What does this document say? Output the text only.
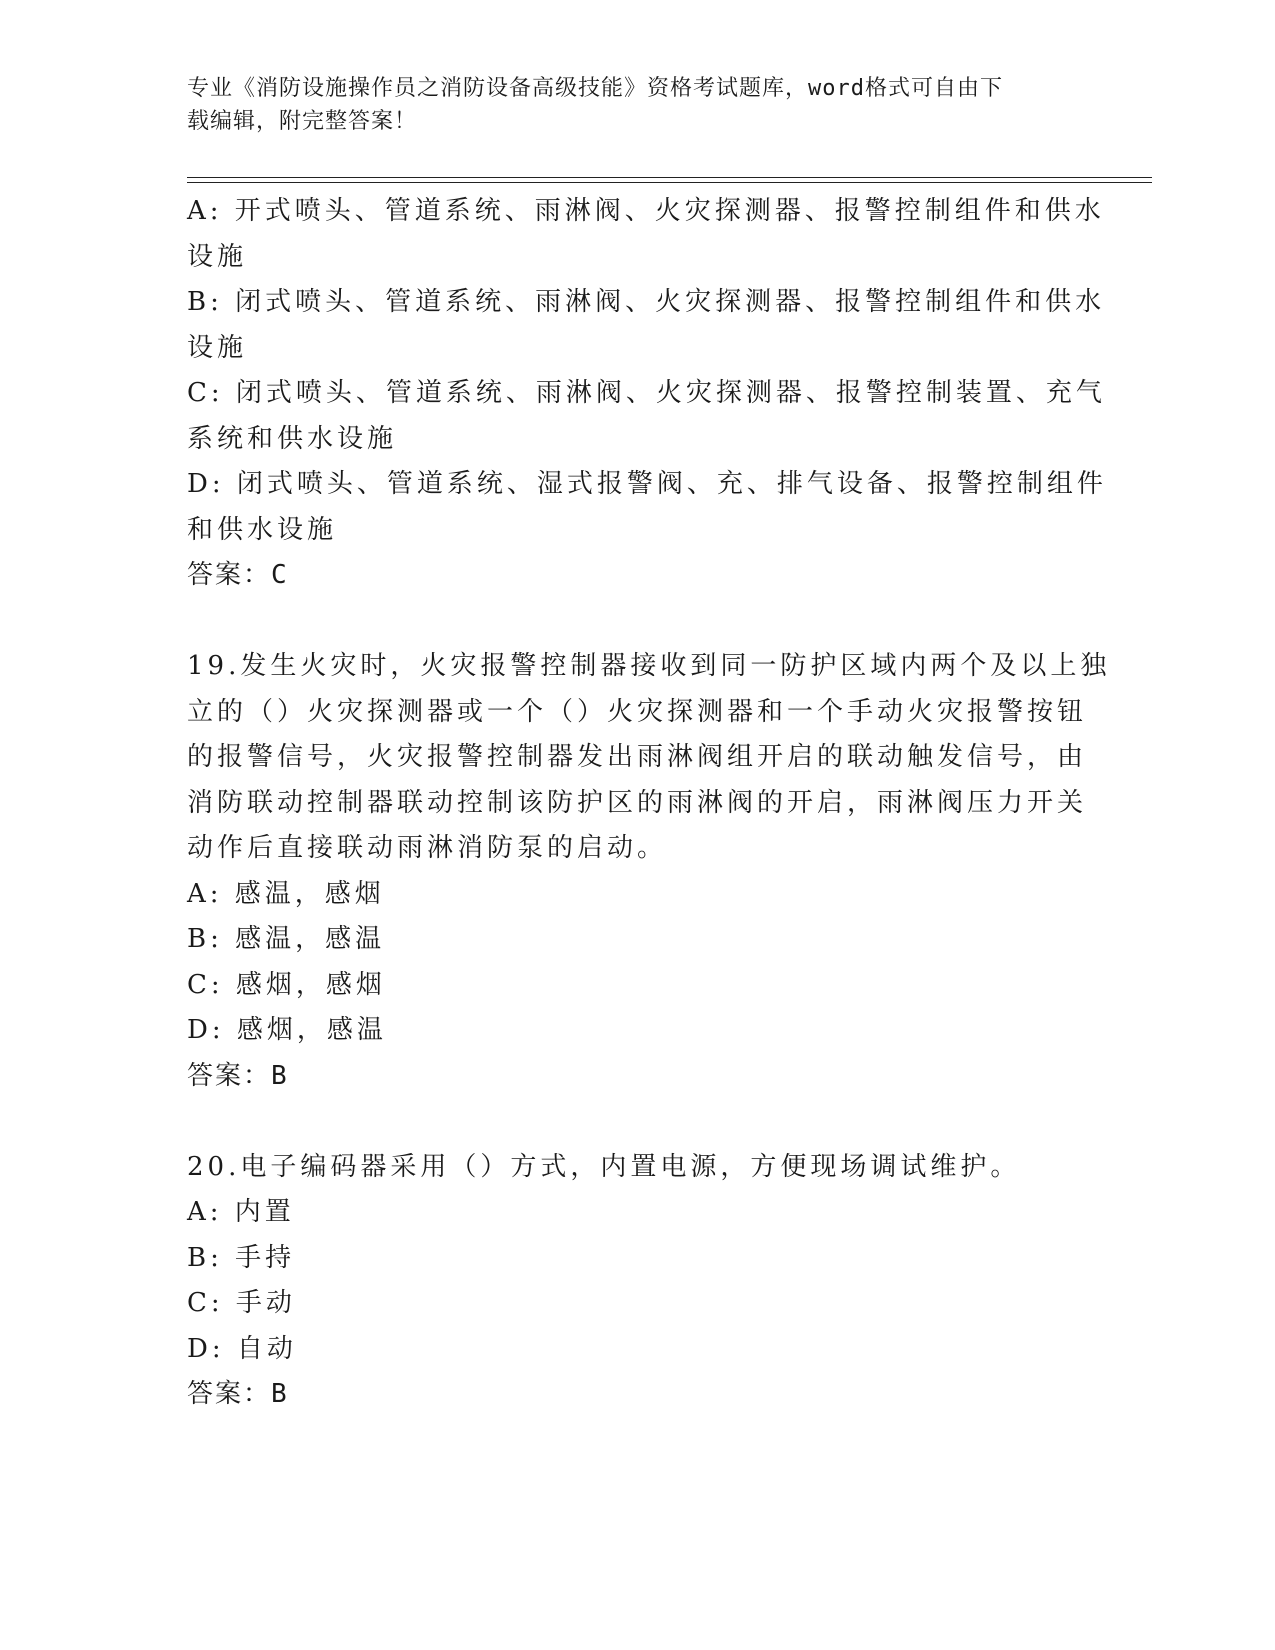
专业《消防设施操作员之消防设备高级技能》资格考试题库，word格式可自由下
载编辑，附完整答案！
A: 开式喷头、管道系统、雨淋阀、火灾探测器、报警控制组件和供水
设施
B: 闭式喷头、管道系统、雨淋阀、火灾探测器、报警控制组件和供水
设施
C: 闭式喷头、管道系统、雨淋阀、火灾探测器、报警控制装置、充气
系统和供水设施
D: 闭式喷头、管道系统、湿式报警阀、充、排气设备、报警控制组件
和供水设施
答案：C
19.发生火灾时，火灾报警控制器接收到同一防护区域内两个及以上独
立的（）火灾探测器或一个（）火灾探测器和一个手动火灾报警按钮
的报警信号，火灾报警控制器发出雨淋阀组开启的联动触发信号，由
消防联动控制器联动控制该防护区的雨淋阀的开启，雨淋阀压力开关
动作后直接联动雨淋消防泵的启动。
A: 感温，感烟
B: 感温，感温
C: 感烟，感烟
D: 感烟，感温
答案：B
20.电子编码器采用（）方式，内置电源，方便现场调试维护。
A: 内置
B: 手持
C: 手动
D: 自动
答案：B
